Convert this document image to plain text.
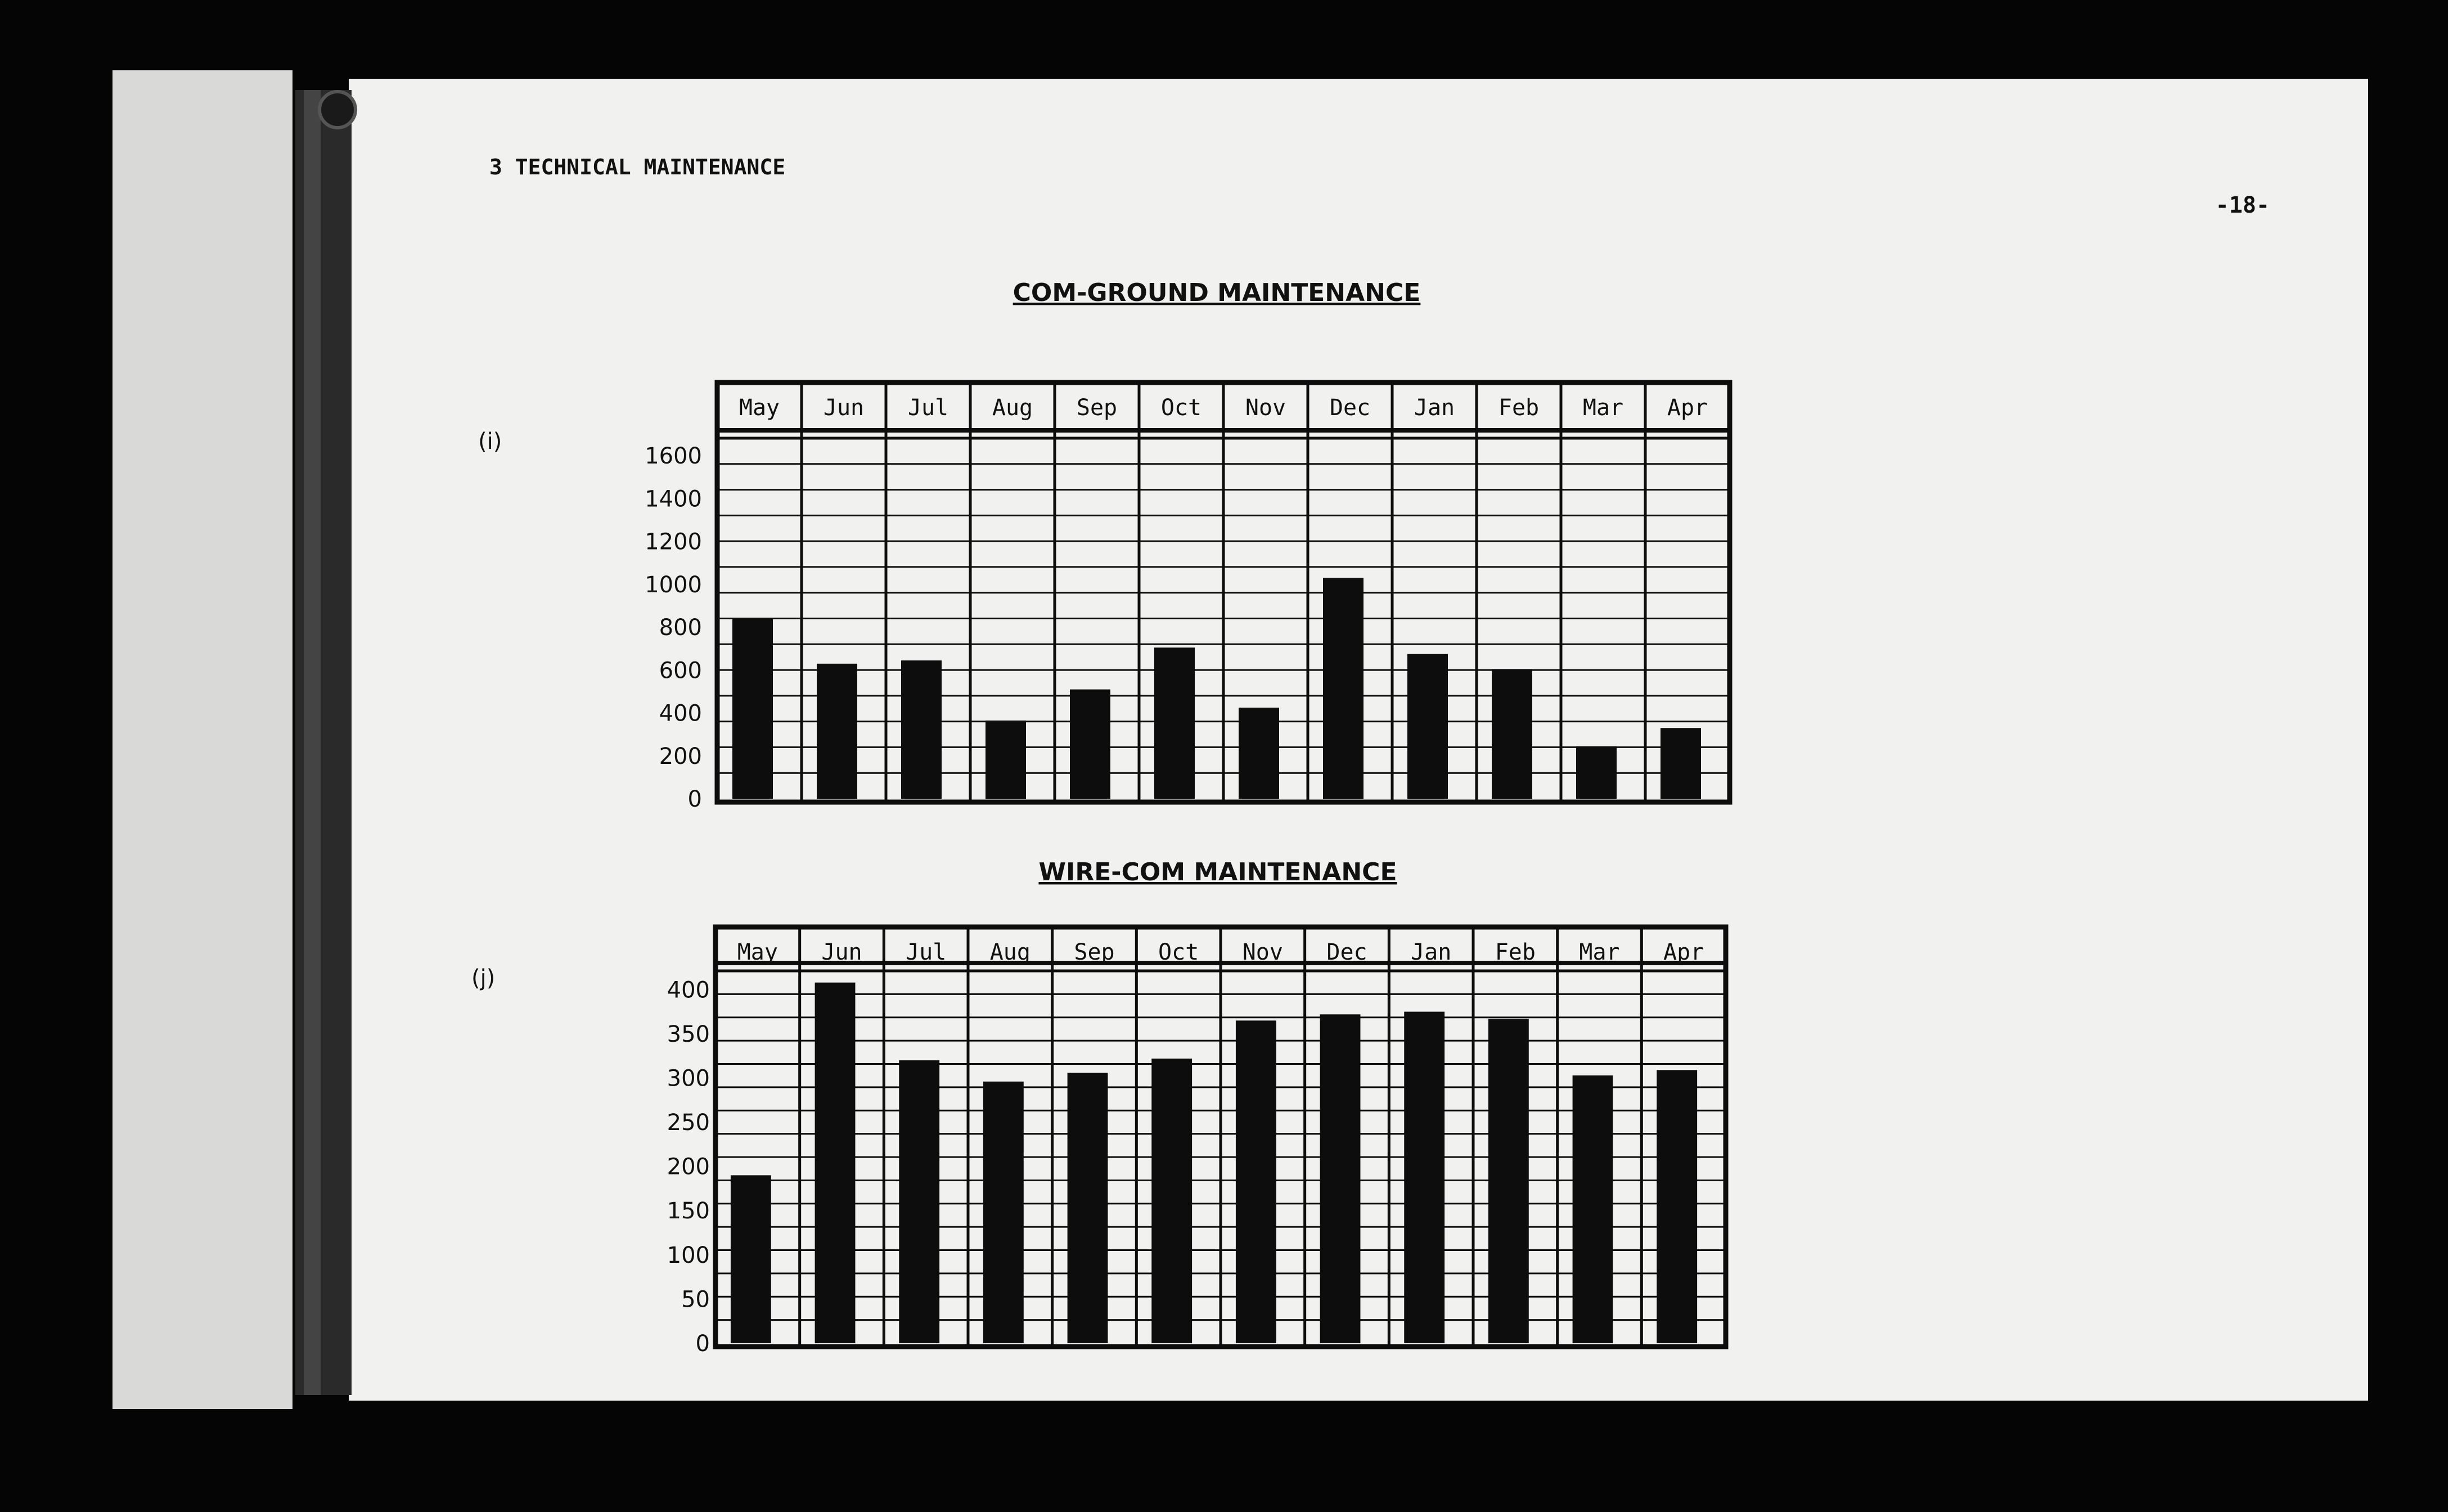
3 TECHNICAL MAINTENANCE
-18-
COM-GROUND MAINTENANCE
(i)
May Jun Jul Aug Sep Oct Nov Dec Jan Feb Mar Apr
0
200
400
600
800
1000
1200
1400
1600
WIRE-COM MAINTENANCE
(j)
May Jun Jul Aug Sep Oct Nov Dec Jan Feb Mar Apr
0
50
100
150
200
250
300
350
400
